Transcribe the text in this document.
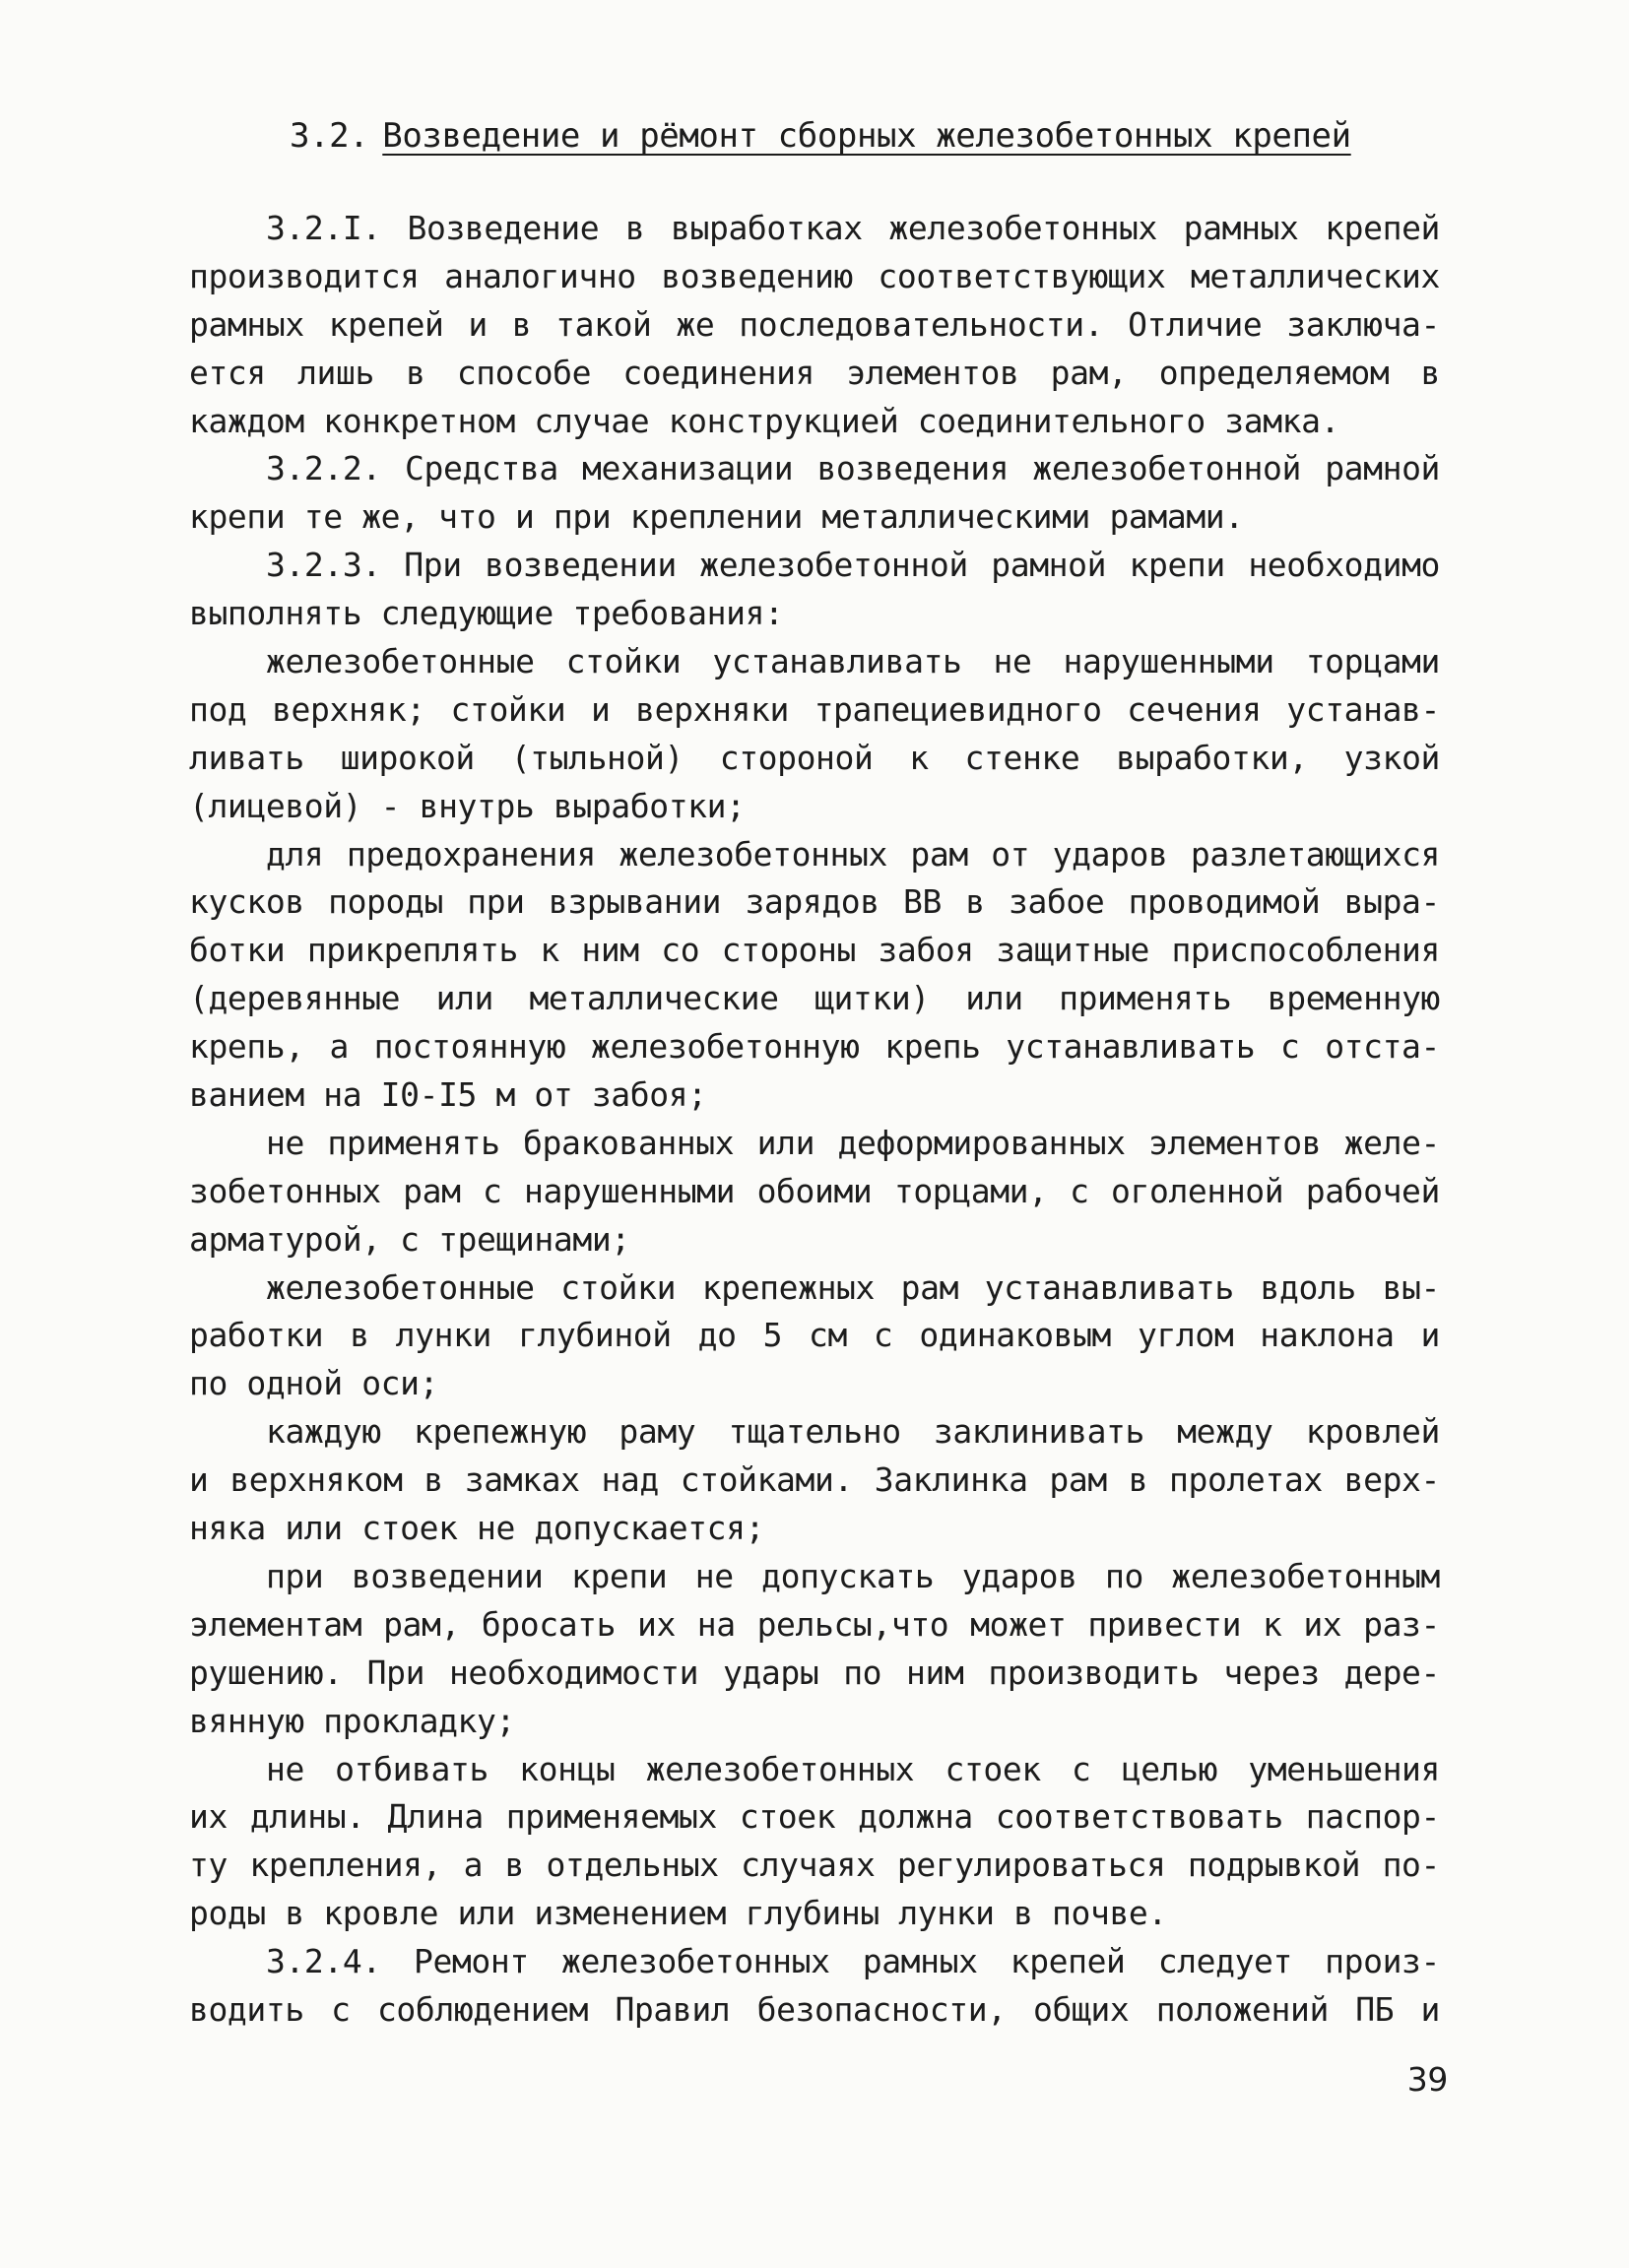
3.2. Возведение и рёмонт сборных железобетонных крепей
3.2.I. Возведение в выработках железобетонных рамных крепей
производится аналогично возведению соответствующих металлических
рамных крепей и в такой же последовательности. Отличие заключа-
ется лишь в способе соединения элементов рам, определяемом в
каждом конкретном случае конструкцией соединительного замка.
3.2.2. Средства механизации возведения железобетонной рамной
крепи те же, что и при креплении металлическими рамами.
3.2.3. При возведении железобетонной рамной крепи необходимо
выполнять следующие требования:
железобетонные стойки устанавливать не нарушенными торцами
под верхняк; стойки и верхняки трапециевидного сечения устанав-
ливать широкой (тыльной) стороной к стенке выработки, узкой
(лицевой) - внутрь выработки;
для предохранения железобетонных рам от ударов разлетающихся
кусков породы при взрывании зарядов ВВ в забое проводимой выра-
ботки прикреплять к ним со стороны забоя защитные приспособления
(деревянные или металлические щитки) или применять временную
крепь, а постоянную железобетонную крепь устанавливать с отста-
ванием на I0-I5 м от забоя;
не применять бракованных или деформированных элементов желе-
зобетонных рам с нарушенными обоими торцами, с оголенной рабочей
арматурой, с трещинами;
железобетонные стойки крепежных рам устанавливать вдоль вы-
работки в лунки глубиной до 5 см с одинаковым углом наклона и
по одной оси;
каждую крепежную раму тщательно заклинивать между кровлей
и верхняком в замках над стойками. Заклинка рам в пролетах верх-
няка или стоек не допускается;
при возведении крепи не допускать ударов по железобетонным
элементам рам, бросать их на рельсы,что может привести к их раз-
рушению. При необходимости удары по ним производить через дере-
вянную прокладку;
не отбивать концы железобетонных стоек с целью уменьшения
их длины. Длина применяемых стоек должна соответствовать паспор-
ту крепления, а в отдельных случаях регулироваться подрывкой по-
роды в кровле или изменением глубины лунки в почве.
3.2.4. Ремонт железобетонных рамных крепей следует произ-
водить с соблюдением Правил безопасности, общих положений ПБ и
39
